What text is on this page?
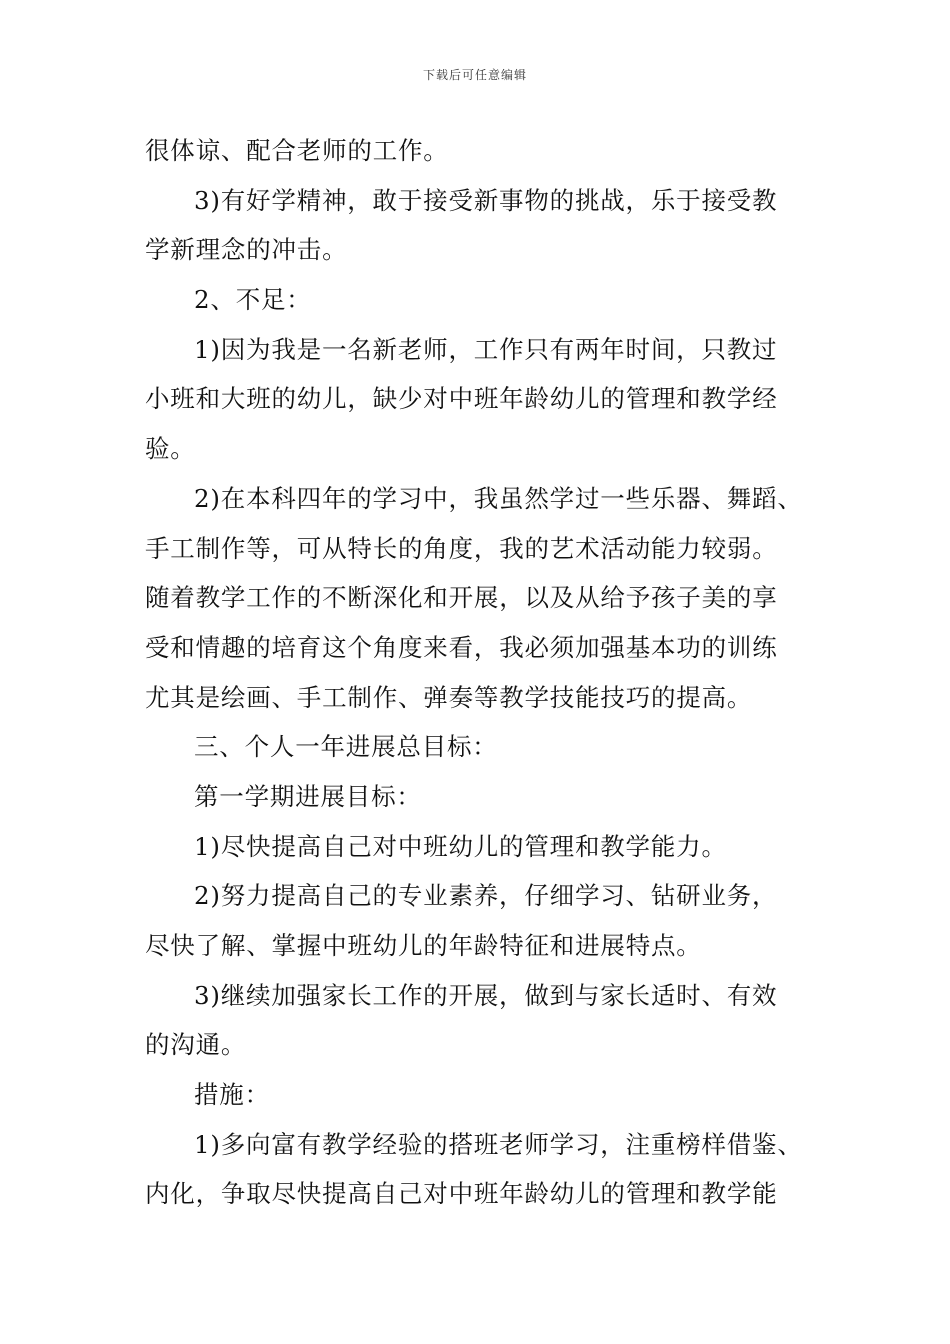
下载后可任意编辑
很体谅、配合老师的工作。
3)有好学精神，敢于接受新事物的挑战，乐于接受教
学新理念的冲击。
2、不足：
1)因为我是一名新老师，工作只有两年时间，只教过
小班和大班的幼儿，缺少对中班年龄幼儿的管理和教学经
验。
2)在本科四年的学习中，我虽然学过一些乐器、舞蹈、
手工制作等，可从特长的角度，我的艺术活动能力较弱。
随着教学工作的不断深化和开展，以及从给予孩子美的享
受和情趣的培育这个角度来看，我必须加强基本功的训练
尤其是绘画、手工制作、弹奏等教学技能技巧的提高。
三、个人一年进展总目标：
第一学期进展目标：
1)尽快提高自己对中班幼儿的管理和教学能力。
2)努力提高自己的专业素养，仔细学习、钻研业务，
尽快了解、掌握中班幼儿的年龄特征和进展特点。
3)继续加强家长工作的开展，做到与家长适时、有效
的沟通。
措施：
1)多向富有教学经验的搭班老师学习，注重榜样借鉴、
内化，争取尽快提高自己对中班年龄幼儿的管理和教学能
